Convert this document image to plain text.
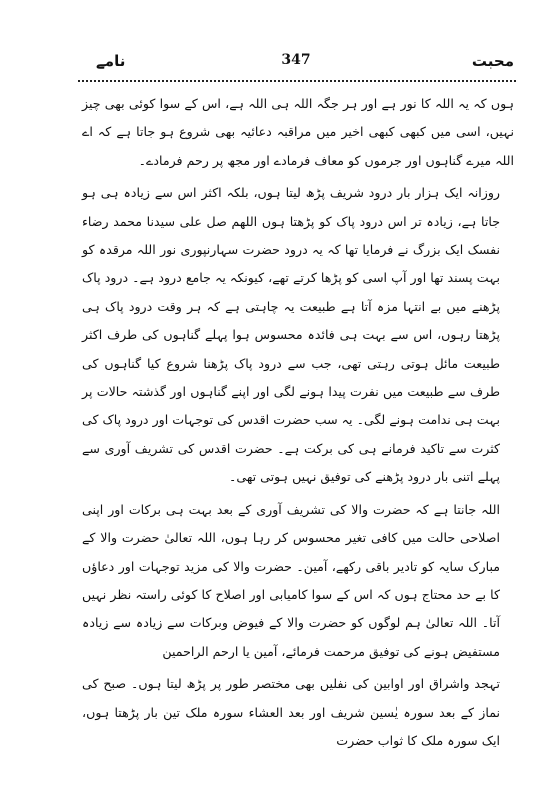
نامے	347	محبت

ہوں کہ یہ اللہ کا نور ہے اور ہر جگہ اللہ ہی اللہ ہے، اس کے سوا کوئی بھی چیز نہیں، اسی میں کبھی کبھی اخیر میں مراقبہ دعائیہ بھی شروع ہو جاتا ہے کہ اے اللہ میرے گناہوں اور جرموں کو معاف فرمادے اور مجھ پر رحم فرمادے۔

روزانہ ایک ہزار بار درود شریف پڑھ لیتا ہوں، بلکہ اکثر اس سے زیادہ ہی ہو جاتا ہے، زیادہ تر اس درود پاک کو پڑھتا ہوں اللھم صل علی سیدنا محمد رضاء نفسک ایک بزرگ نے فرمایا تھا کہ یہ درود حضرت سہارنپوری نور اللہ مرقدہ کو بہت پسند تھا اور آپ اسی کو پڑھا کرتے تھے، کیونکہ یہ جامع درود ہے۔ درود پاک پڑھنے میں بے انتہا مزہ آتا ہے طبیعت یہ چاہتی ہے کہ ہر وقت درود پاک ہی پڑھتا رہوں، اس سے بہت ہی فائدہ محسوس ہوا پہلے گناہوں کی طرف اکثر طبیعت مائل ہوتی رہتی تھی، جب سے درود پاک پڑھنا شروع کیا گناہوں کی طرف سے طبیعت میں نفرت پیدا ہونے لگی اور اپنے گناہوں اور گذشتہ حالات پر بہت ہی ندامت ہونے لگی۔ یہ سب حضرت اقدس کی توجہات اور درود پاک کی کثرت سے تاکید فرمانے ہی کی برکت ہے۔ حضرت اقدس کی تشریف آوری سے پہلے اتنی بار درود پڑھنے کی توفیق نہیں ہوتی تھی۔

اللہ جانتا ہے کہ حضرت والا کی تشریف آوری کے بعد بہت ہی برکات اور اپنی اصلاحی حالت میں کافی تغیر محسوس کر رہا ہوں، اللہ تعالیٰ حضرت والا کے مبارک سایہ کو تادیر باقی رکھے، آمین۔ حضرت والا کی مزید توجہات اور دعاؤں کا بے حد محتاج ہوں کہ اس کے سوا کامیابی اور اصلاح کا کوئی راستہ نظر نہیں آتا۔ اللہ تعالیٰ ہم لوگوں کو حضرت والا کے فیوض وبرکات سے زیادہ سے زیادہ مستفیض ہونے کی توفیق مرحمت فرمائے، آمین یا ارحم الراحمین

تہجد واشراق اور اوابین کی نفلیں بھی مختصر طور پر پڑھ لیتا ہوں۔ صبح کی نماز کے بعد سورہ یٰسین شریف اور بعد العشاء سورہ ملک تین بار پڑھتا ہوں، ایک سورہ ملک کا ثواب حضرت
